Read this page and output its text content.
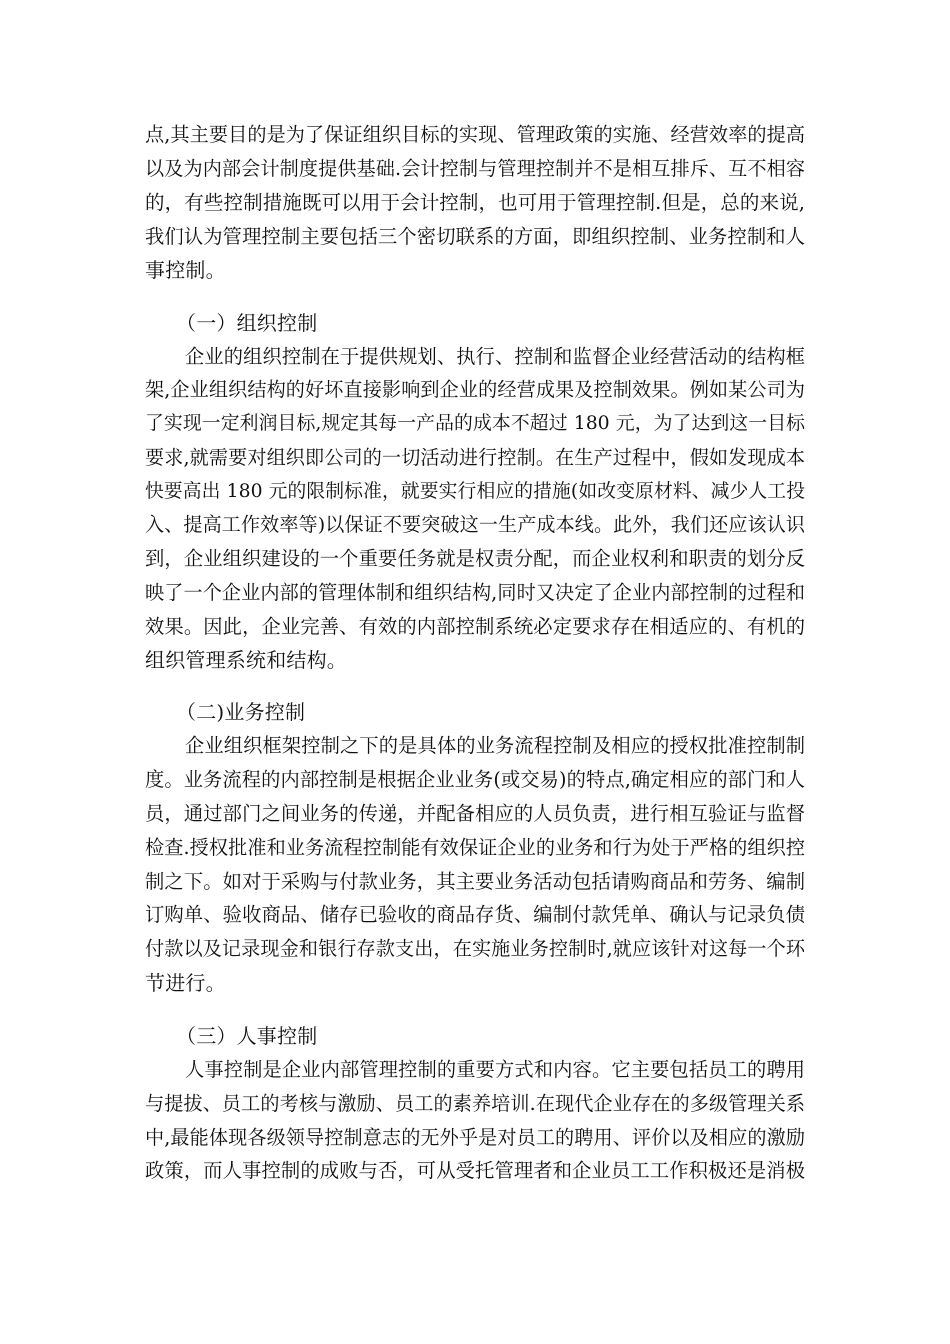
点,其主要目的是为了保证组织目标的实现、管理政策的实施、经营效率的提高
以及为内部会计制度提供基础.会计控制与管理控制并不是相互排斥、互不相容
的，有些控制措施既可以用于会计控制，也可用于管理控制.但是，总的来说,
我们认为管理控制主要包括三个密切联系的方面，即组织控制、业务控制和人
事控制。
（一）组织控制
企业的组织控制在于提供规划、执行、控制和监督企业经营活动的结构框
架,企业组织结构的好坏直接影响到企业的经营成果及控制效果。例如某公司为
了实现一定利润目标,规定其每一产品的成本不超过 180 元，为了达到这一目标
要求,就需要对组织即公司的一切活动进行控制。在生产过程中，假如发现成本
快要高出 180 元的限制标准，就要实行相应的措施(如改变原材料、减少人工投
入、提高工作效率等)以保证不要突破这一生产成本线。此外，我们还应该认识
到，企业组织建设的一个重要任务就是权责分配，而企业权利和职责的划分反
映了一个企业内部的管理体制和组织结构,同时又决定了企业内部控制的过程和
效果。因此，企业完善、有效的内部控制系统必定要求存在相适应的、有机的
组织管理系统和结构。
（二)业务控制
企业组织框架控制之下的是具体的业务流程控制及相应的授权批准控制制
度。业务流程的内部控制是根据企业业务(或交易)的特点,确定相应的部门和人
员，通过部门之间业务的传递，并配备相应的人员负责，进行相互验证与监督
检查.授权批准和业务流程控制能有效保证企业的业务和行为处于严格的组织控
制之下。如对于采购与付款业务，其主要业务活动包括请购商品和劳务、编制
订购单、验收商品、储存已验收的商品存货、编制付款凭单、确认与记录负债
付款以及记录现金和银行存款支出，在实施业务控制时,就应该针对这每一个环
节进行。
（三）人事控制
人事控制是企业内部管理控制的重要方式和内容。它主要包括员工的聘用
与提拔、员工的考核与激励、员工的素养培训.在现代企业存在的多级管理关系
中,最能体现各级领导控制意志的无外乎是对员工的聘用、评价以及相应的激励
政策，而人事控制的成败与否，可从受托管理者和企业员工工作积极还是消极
